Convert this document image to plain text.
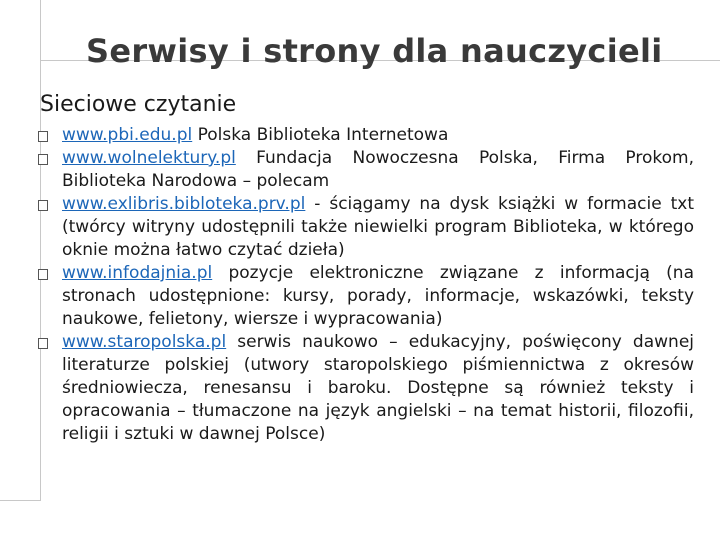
Serwisy i strony dla nauczycieli
Sieciowe czytanie
www.pbi.edu.pl Polska Biblioteka Internetowa
www.wolnelektury.pl Fundacja Nowoczesna Polska, Firma Prokom, Biblioteka Narodowa – polecam
www.exlibris.bibloteka.prv.pl - ściągamy na dysk książki w formacie txt (twórcy witryny udostępnili także niewielki program Biblioteka, w którego oknie można łatwo czytać dzieła)
www.infodajnia.pl pozycje elektroniczne związane z informacją (na stronach udostępnione: kursy, porady, informacje, wskazówki, teksty naukowe, felietony, wiersze i wypracowania)
www.staropolska.pl serwis naukowo – edukacyjny, poświęcony dawnej literaturze polskiej (utwory staropolskiego piśmiennictwa z okresów średniowiecza, renesansu i baroku. Dostępne są również teksty i opracowania – tłumaczone na język angielski – na temat historii, filozofii, religii i sztuki w dawnej Polsce)
